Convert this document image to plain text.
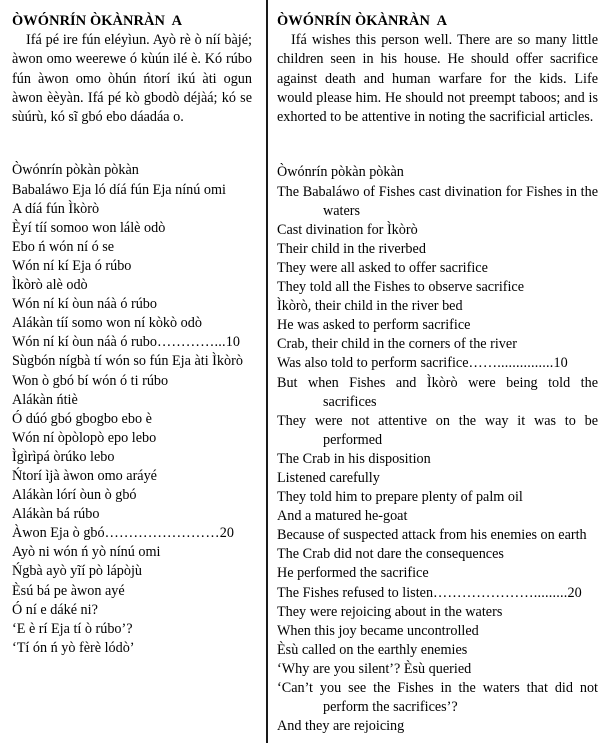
ÒWÓNRÍN ÒKÀNRÀN  A

Ifá pé ire fún eléyìun. Ayò rè ò níí bàjé; àwon omo weerewe ó kùún ilé è. Kó rúbo fún àwon omo òhún ńtorí ikú àti ogun àwon èèyàn. Ifá pé kò gbodò déjàá; kó se sùúrù, kó sĩ gbó ebo dáadáa o.

Òwónrín pòkàn pòkàn
Babaláwo Eja ló díá fún Eja nínú omi
A díá fún Ìkòrò
Èyí tíí somoo won lálè odò
Ebo ń wón ní ó se
Wón ní kí Eja ó rúbo
Ìkòrò alè odò
Wón ní kí òun náà ó rúbo
Alákàn tíí somo won ní kòkò odò
Wón ní kí òun náà ó rubo…………...10
Sùgbón nígbà tí wón so fún Eja àti Ìkòrò
Won ò gbó bí wón ó ti rúbo
Alákàn ńtiè
Ó dúó gbó gbogbo ebo è
Wón ní òpòlopò epo lebo
Ìgìrìpá òrúko lebo
Ńtorí ìjà àwon omo aráyé
Alákàn lórí òun ò gbó
Alákàn bá rúbo
Àwon Eja ò gbó……………………20
Ayò ni wón ń yò nínú omi
Ńgbà ayò yĩí pò lápòjù
Èsú bá pe àwon ayé
Ó ní e dáké ni?
‘E è rí Eja tí ò rúbo’?
‘Tí ón ń yò fèrè lódò’
ÒWÓNRÍN ÒKÀNRÀN  A

Ifá wishes this person well. There are so many little children seen in his house. He should offer sacrifice against death and human warfare for the kids. Life would please him. He should not preempt taboos; and is exhorted to be attentive in noting the sacrificial articles.

Òwónrín pòkàn pòkàn
The Babaláwo of Fishes cast divination for Fishes in the waters
Cast divination for Ìkòrò
Their child in the riverbed
They were all asked to offer sacrifice
They told all the Fishes to observe sacrifice
Ìkòrò, their child in the river bed
He was asked to perform sacrifice
Crab, their child in the corners of the river
Was also told to perform sacrifice……...............10
But when Fishes and Ìkòrò were being told the sacrifices
They were not attentive on the way it was to be performed
The Crab in his disposition
Listened carefully
They told him to prepare plenty of palm oil
And a matured he-goat
Because of suspected attack from his enemies on earth
The Crab did not dare the consequences
He performed the sacrifice
The Fishes refused to listen………………….........20
They were rejoicing about in the waters
When this joy became uncontrolled
Èsù called on the earthly enemies
‘Why are you silent’? Èsù queried
‘Can’t you see the Fishes in the waters that did not perform the sacrifices’?
And they are rejoicing
